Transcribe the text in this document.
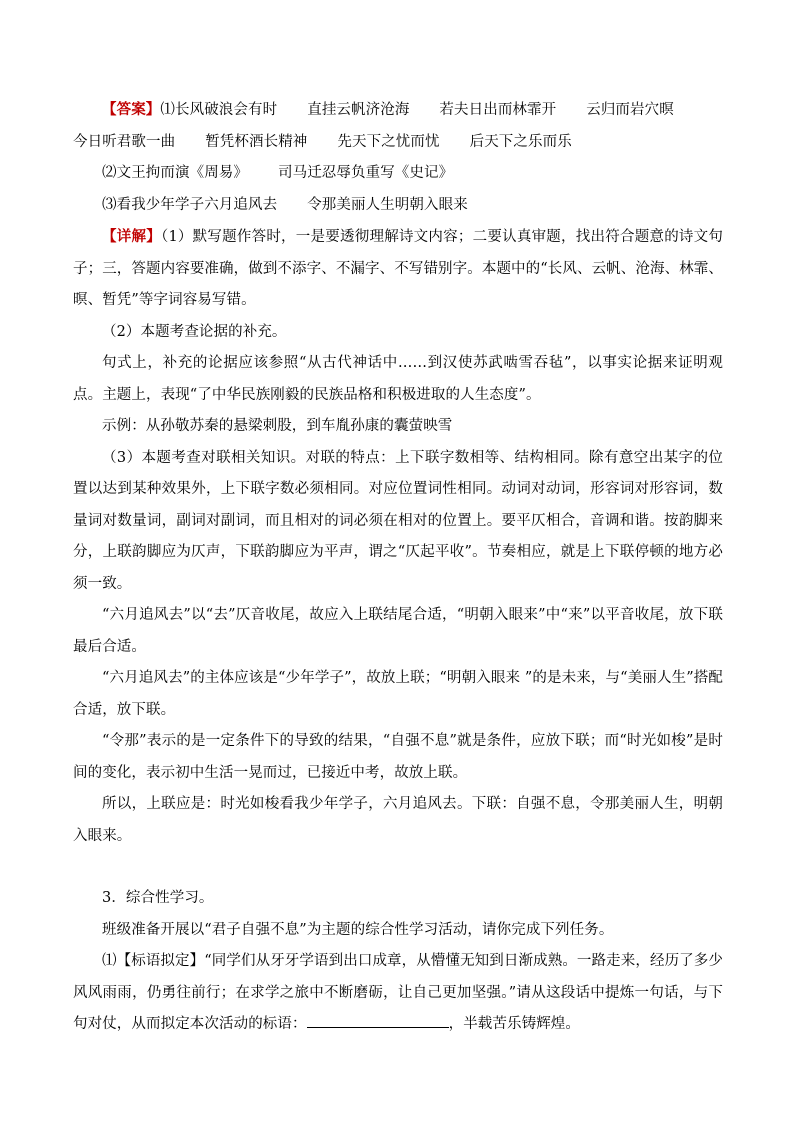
【答案】⑴长风破浪会有时 直挂云帆济沧海 若夫日出而林霏开 云归而岩穴暝

今日听君歌一曲 暂凭杯酒长精神 先天下之忧而忧 后天下之乐而乐

⑵文王拘而演《周易》 司马迁忍辱负重写《史记》

⑶看我少年学子六月追风去 令那美丽人生明朝入眼来

【详解】（1）默写题作答时，一是要透彻理解诗文内容；二要认真审题，找出符合题意的诗文句子；三，答题内容要准确，做到不添字、不漏字、不写错别字。本题中的“长风、云帆、沧海、林霏、暝、暂凭”等字词容易写错。

（2）本题考查论据的补充。

句式上，补充的论据应该参照“从古代神话中……到汉使苏武啮雪吞毡”，以事实论据来证明观点。主题上，表现“了中华民族刚毅的民族品格和积极进取的人生态度”。

示例：从孙敬苏秦的悬梁刺股，到车胤孙康的囊萤映雪

（3）本题考查对联相关知识。对联的特点：上下联字数相等、结构相同。除有意空出某字的位置以达到某种效果外，上下联字数必须相同。对应位置词性相同。动词对动词，形容词对形容词，数量词对数量词，副词对副词，而且相对的词必须在相对的位置上。要平仄相合，音调和谐。按韵脚来分，上联韵脚应为仄声，下联韵脚应为平声，谓之“仄起平收”。节奏相应，就是上下联停顿的地方必须一致。

“六月追风去”以“去”仄音收尾，故应入上联结尾合适，“明朝入眼来”中“来”以平音收尾，放下联最后合适。

“六月追风去”的主体应该是“少年学子”，故放上联；“明朝入眼来 ”的是未来，与“美丽人生”搭配合适，放下联。

“令那”表示的是一定条件下的导致的结果，“自强不息”就是条件，应放下联；而“时光如梭”是时间的变化，表示初中生活一晃而过，已接近中考，故放上联。

所以，上联应是：时光如梭看我少年学子，六月追风去。下联：自强不息，令那美丽人生，明朝入眼来。

3．综合性学习。

班级准备开展以“君子自强不息”为主题的综合性学习活动，请你完成下列任务。

⑴【标语拟定】“同学们从牙牙学语到出口成章，从懵懂无知到日渐成熟。一路走来，经历了多少风风雨雨，仍勇往前行；在求学之旅中不断磨砺，让自己更加坚强。”请从这段话中提炼一句话，与下句对仗，从而拟定本次活动的标语：	，半载苦乐铸辉煌。
